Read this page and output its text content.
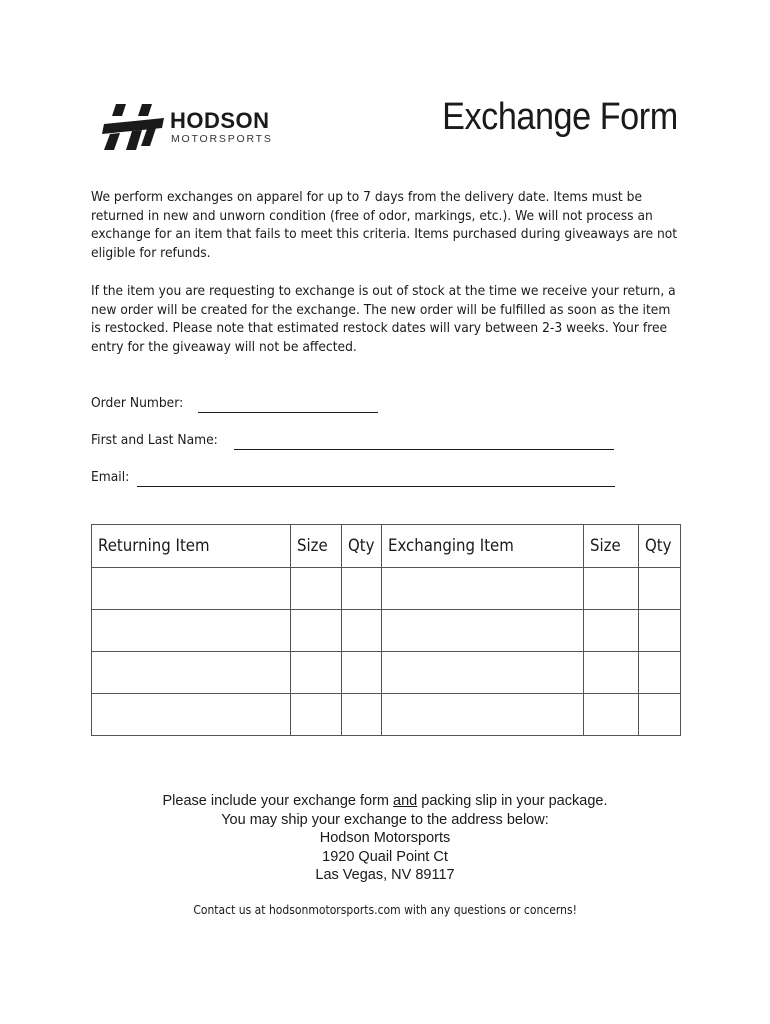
HODSON
MOTORSPORTS
Exchange Form

We perform exchanges on apparel for up to 7 days from the delivery date. Items must be returned in new and unworn condition (free of odor, markings, etc.). We will not process an exchange for an item that fails to meet this criteria. Items purchased during giveaways are not eligible for refunds.

If the item you are requesting to exchange is out of stock at the time we receive your return, a new order will be created for the exchange. The new order will be fulfilled as soon as the item is restocked. Please note that estimated restock dates will vary between 2-3 weeks. Your free entry for the giveaway will not be affected.

Order Number:
First and Last Name:
Email:
Returning Item	Size	Qty	Exchanging Item	Size	Qty

Please include your exchange form and packing slip in your package.
You may ship your exchange to the address below:
Hodson Motorsports
1920 Quail Point Ct
Las Vegas, NV 89117
Contact us at hodsonmotorsports.com with any questions or concerns!
